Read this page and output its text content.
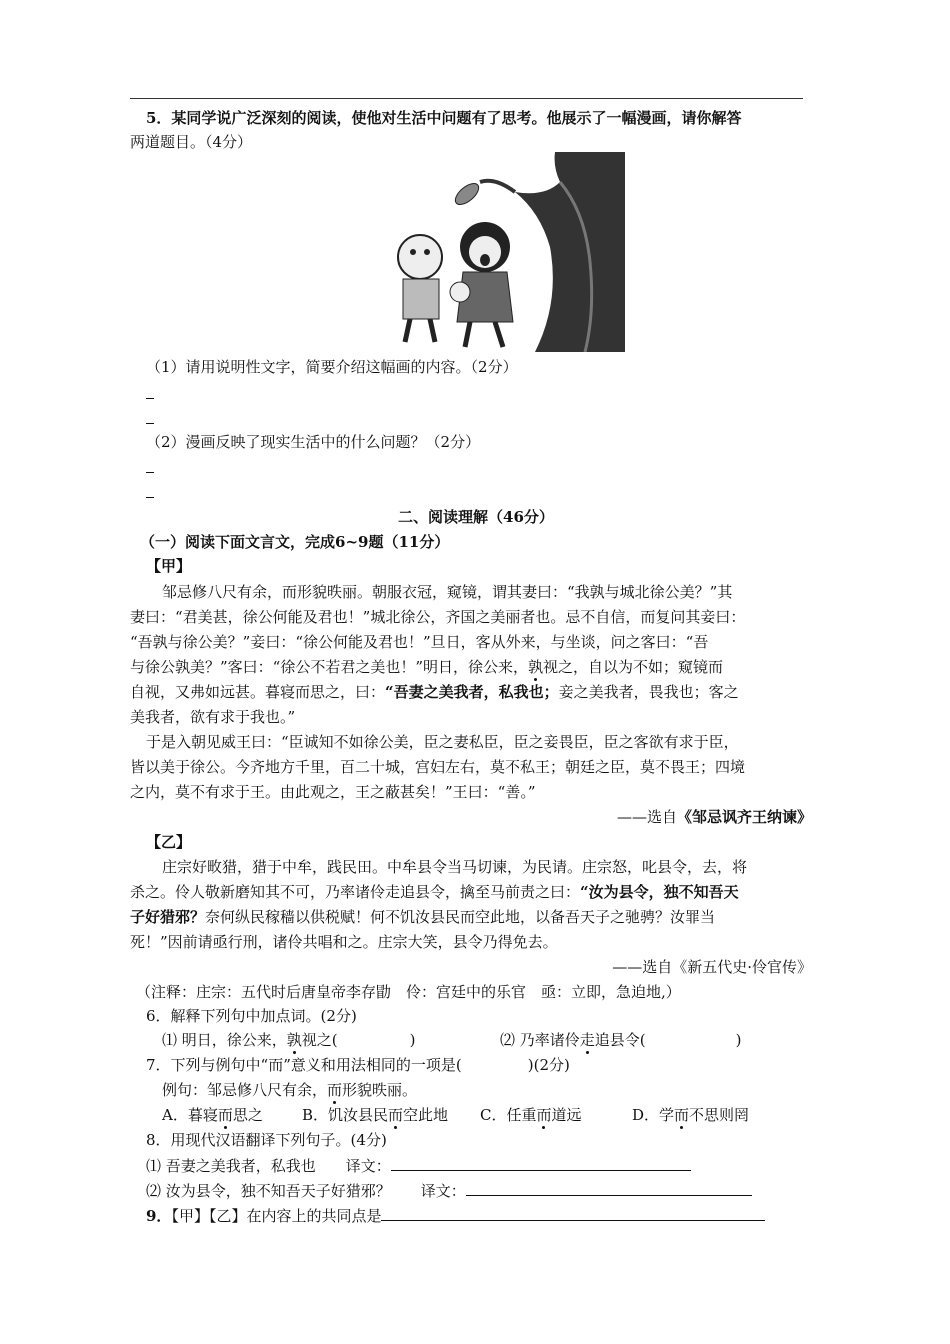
5．某同学说广泛深刻的阅读，使他对生活中问题有了思考。他展示了一幅漫画，请你解答
两道题目。（4分）
（1）请用说明性文字，简要介绍这幅画的内容。（2分）
（2）漫画反映了现实生活中的什么问题？（2分）
二、阅读理解（46分）
（一）阅读下面文言文，完成6~9题（11分）
【甲】
邹忌修八尺有余，而形貌昳丽。朝服衣冠，窥镜，谓其妻曰：“我孰与城北徐公美？”其
妻曰：“君美甚，徐公何能及君也！”城北徐公，齐国之美丽者也。忌不自信，而复问其妾曰：
“吾孰与徐公美？”妾曰：“徐公何能及君也！”旦日，客从外来，与坐谈，问之客曰：“吾
与徐公孰美？”客曰：“徐公不若君之美也！”明日，徐公来，孰视之，自以为不如；窥镜而
自视，又弗如远甚。暮寝而思之，曰：“吾妻之美我者，私我也；妾之美我者，畏我也；客之
美我者，欲有求于我也。”
于是入朝见威王曰：“臣诚知不如徐公美，臣之妻私臣，臣之妾畏臣，臣之客欲有求于臣，
皆以美于徐公。今齐地方千里，百二十城，宫妇左右，莫不私王；朝廷之臣，莫不畏王；四境
之内，莫不有求于王。由此观之，王之蔽甚矣！”王曰：“善。”
——选自《邹忌讽齐王纳谏》
【乙】
庄宗好畋猎，猎于中牟，践民田。中牟县令当马切谏，为民请。庄宗怒，叱县令，去，将
杀之。伶人敬新磨知其不可，乃率诸伶走追县令，擒至马前责之曰：“汝为县令，独不知吾天
子好猎邪？奈何纵民稼穑以供税赋！何不饥汝县民而空此地，以备吾天子之驰骋？汝罪当
死！”因前请亟行刑，诸伶共唱和之。庄宗大笑，县令乃得免去。
——选自《新五代史·伶官传》
（注释：庄宗：五代时后唐皇帝李存勖　伶：宫廷中的乐官　亟：立即，急迫地,）
6．解释下列句中加点词。(2分)
⑴ 明日，徐公来，孰视之(	)	⑵ 乃率诸伶走追县令(	)
7．下列与例句中“而”意义和用法相同的一项是(	)(2分)
例句：邹忌修八尺有余，而形貌昳丽。
A．暮寝而思之	B．饥汝县民而空此地 C．任重而道远	D．学而不思则罔
8．用现代汉语翻译下列句子。(4分)
⑴ 吾妻之美我者，私我也　　译文：
⑵ 汝为县令，独不知吾天子好猎邪？　　译文：
9．【甲】【乙】在内容上的共同点是
